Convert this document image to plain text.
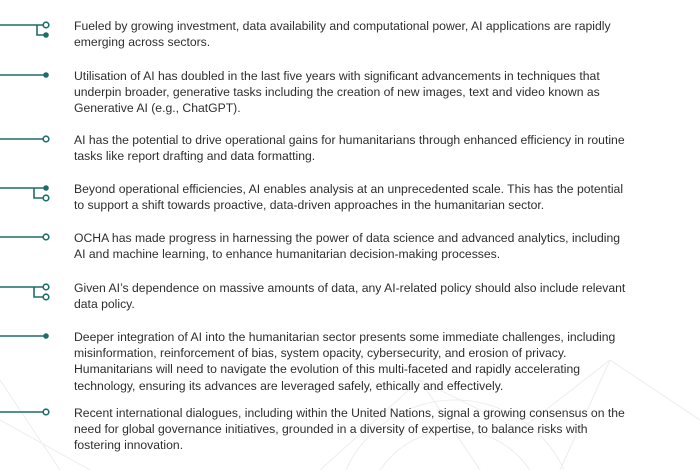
Fueled by growing investment, data availability and computational power, AI applications are rapidly emerging across sectors.

Utilisation of AI has doubled in the last five years with significant advancements in techniques that underpin broader, generative tasks including the creation of new images, text and video known as Generative AI (e.g., ChatGPT).

AI has the potential to drive operational gains for humanitarians through enhanced efficiency in routine tasks like report drafting and data formatting.

Beyond operational efficiencies, AI enables analysis at an unprecedented scale. This has the potential to support a shift towards proactive, data-driven approaches in the humanitarian sector.

OCHA has made progress in harnessing the power of data science and advanced analytics, including AI and machine learning, to enhance humanitarian decision-making processes.

Given AI’s dependence on massive amounts of data, any AI-related policy should also include relevant data policy.

Deeper integration of AI into the humanitarian sector presents some immediate challenges, including misinformation, reinforcement of bias, system opacity, cybersecurity, and erosion of privacy. Humanitarians will need to navigate the evolution of this multi-faceted and rapidly accelerating technology, ensuring its advances are leveraged safely, ethically and effectively.

Recent international dialogues, including within the United Nations, signal a growing consensus on the need for global governance initiatives, grounded in a diversity of expertise, to balance risks with fostering innovation.
